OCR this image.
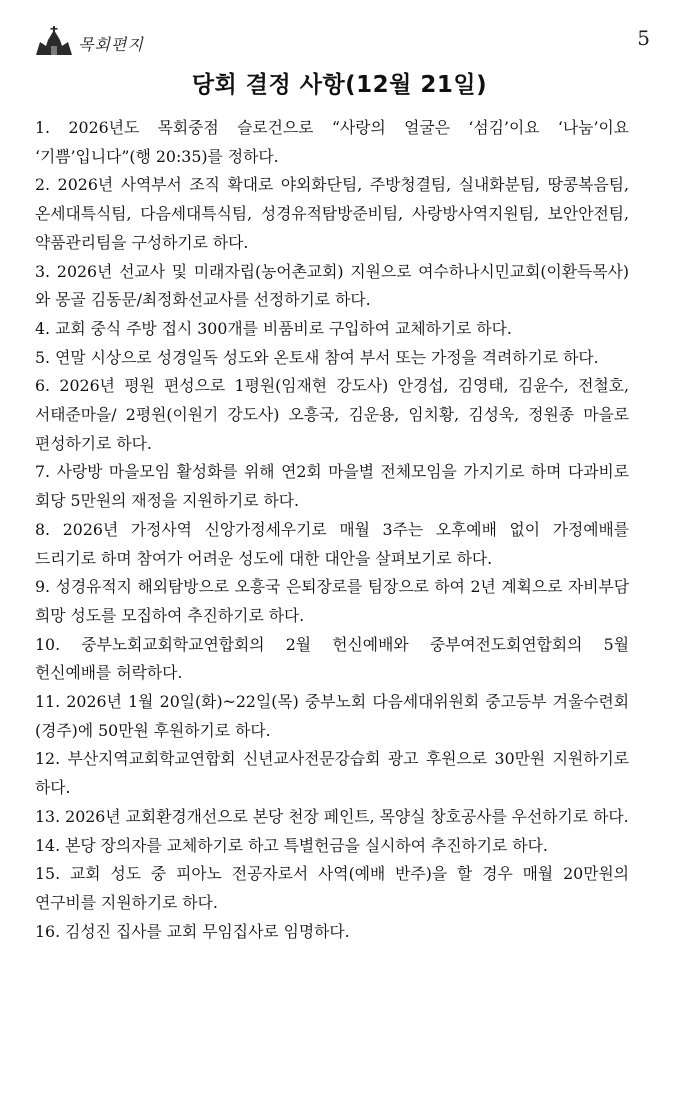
목회편지	5
당회 결정 사항(12월 21일)
1. 2026년도 목회중점 슬로건으로 “사랑의 얼굴은 ‘섬김’이요 ‘나눔’이요 ‘기쁨’입니다”(행 20:35)를 정하다.
2. 2026년 사역부서 조직 확대로 야외화단팀, 주방청결팀, 실내화분팀, 땅콩복음팀, 온세대특식팀, 다음세대특식팀, 성경유적탐방준비팀, 사랑방사역지원팀, 보안안전팀, 약품관리팀을 구성하기로 하다.
3. 2026년 선교사 및 미래자립(농어촌교회) 지원으로 여수하나시민교회(이환득목사)와 몽골 김동문/최정화선교사를 선정하기로 하다.
4. 교회 중식 주방 접시 300개를 비품비로 구입하여 교체하기로 하다.
5. 연말 시상으로 성경일독 성도와 온토새 참여 부서 또는 가정을 격려하기로 하다.
6. 2026년 평원 편성으로 1평원(임재현 강도사) 안경섭, 김영태, 김윤수, 전철호, 서태준마을/ 2평원(이원기 강도사) 오흥국, 김운용, 임치황, 김성욱, 정원종 마을로 편성하기로 하다.
7. 사랑방 마을모임 활성화를 위해 연2회 마을별 전체모임을 가지기로 하며 다과비로 회당 5만원의 재정을 지원하기로 하다.
8. 2026년 가정사역 신앙가정세우기로 매월 3주는 오후예배 없이 가정예배를 드리기로 하며 참여가 어려운 성도에 대한 대안을 살펴보기로 하다.
9. 성경유적지 해외탐방으로 오흥국 은퇴장로를 팀장으로 하여 2년 계획으로 자비부담 희망 성도를 모집하여 추진하기로 하다.
10. 중부노회교회학교연합회의 2월 헌신예배와 중부여전도회연합회의 5월 헌신예배를 허락하다.
11. 2026년 1월 20일(화)~22일(목) 중부노회 다음세대위원회 중고등부 겨울수련회(경주)에 50만원 후원하기로 하다.
12. 부산지역교회학교연합회 신년교사전문강습회 광고 후원으로 30만원 지원하기로 하다.
13. 2026년 교회환경개선으로 본당 천장 페인트, 목양실 창호공사를 우선하기로 하다.
14. 본당 장의자를 교체하기로 하고 특별헌금을 실시하여 추진하기로 하다.
15. 교회 성도 중 피아노 전공자로서 사역(예배 반주)을 할 경우 매월 20만원의 연구비를 지원하기로 하다.
16. 김성진 집사를 교회 무임집사로 임명하다.
